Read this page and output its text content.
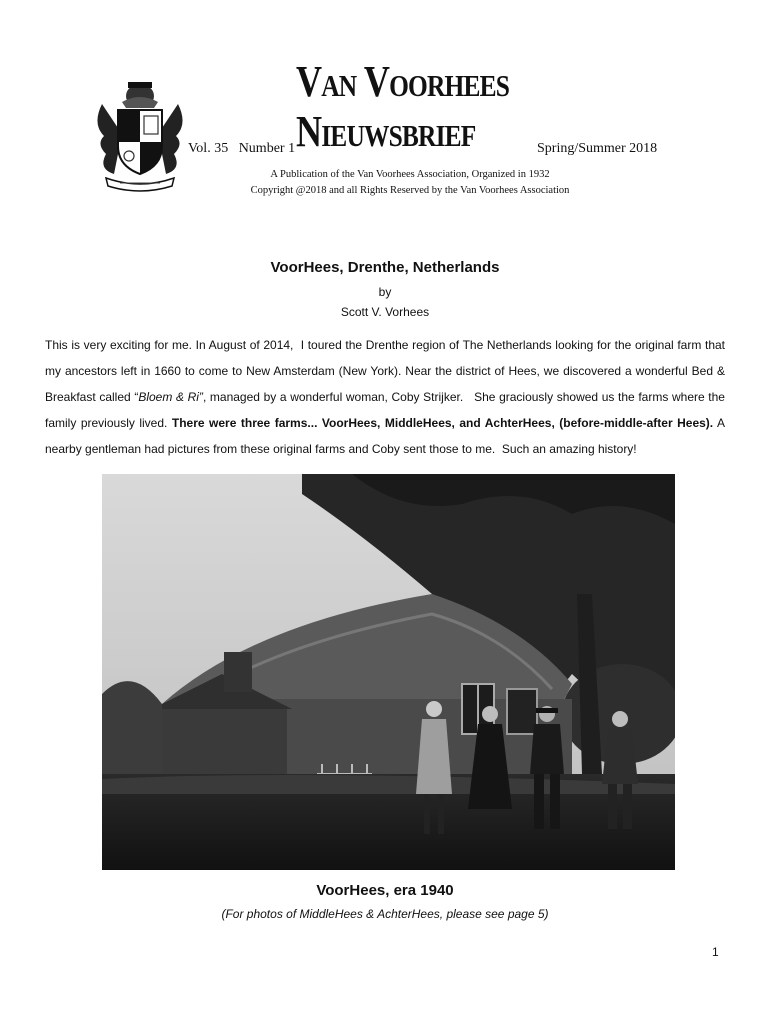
Van Voorhees
Nieuwsbrief
Vol. 35   Number 1	Spring/Summer 2018
A Publication of the Van Voorhees Association, Organized in 1932
Copyright @2018 and all Rights Reserved by the Van Voorhees Association
VoorHees, Drenthe, Netherlands
by
Scott V. Vorhees
This is very exciting for me. In August of 2014,  I toured the Drenthe region of The Netherlands looking for the original farm that my ancestors left in 1660 to come to New Amsterdam (New York). Near the district of Hees, we discovered a wonderful Bed & Breakfast called “Bloem & Ri”, managed by a wonderful woman, Coby Strijker.   She graciously showed us the farms where the family previously lived. There were three farms... VoorHees, MiddleHees, and AchterHees, (before-middle-after Hees). A nearby gentleman had pictures from these original farms and Coby sent those to me.  Such an amazing history!
VoorHees, era 1940
(For photos of MiddleHees & AchterHees, please see page 5)
1
